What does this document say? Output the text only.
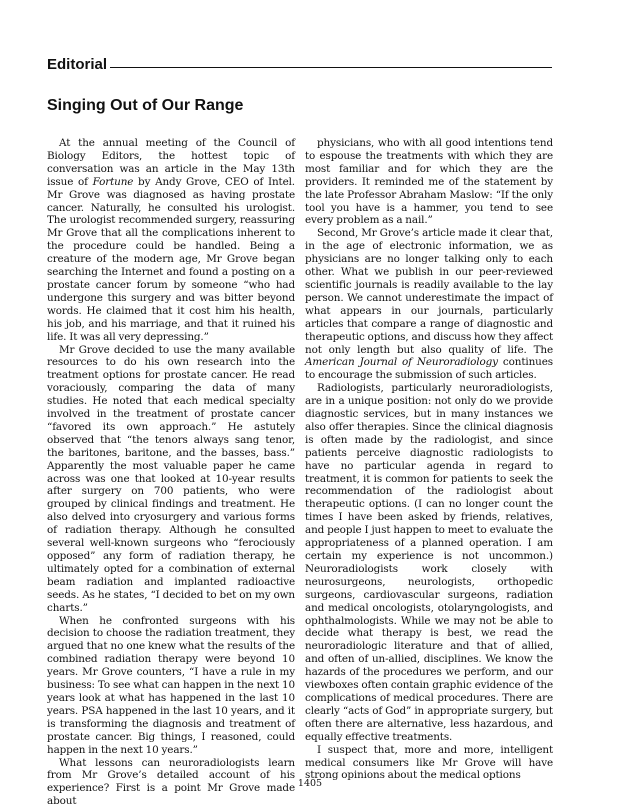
Editorial
Singing Out of Our Range

At the annual meeting of the Council of Biology Editors, the hottest topic of conversation was an article in the May 13th issue of Fortune by Andy Grove, CEO of Intel. Mr Grove was diagnosed as having prostate cancer. Naturally, he consulted his urologist. The urologist recommended surgery, reassuring Mr Grove that all the complications inherent to the procedure could be handled. Being a creature of the modern age, Mr Grove began searching the Internet and found a posting on a prostate cancer forum by someone “who had undergone this surgery and was bitter beyond words. He claimed that it cost him his health, his job, and his marriage, and that it ruined his life. It was all very depressing.”

Mr Grove decided to use the many available resources to do his own research into the treatment options for prostate cancer. He read voraciously, comparing the data of many studies. He noted that each medical specialty involved in the treatment of prostate cancer “favored its own approach.” He astutely observed that “the tenors always sang tenor, the baritones, baritone, and the basses, bass.” Apparently the most valuable paper he came across was one that looked at 10-year results after surgery on 700 patients, who were grouped by clinical findings and treatment. He also delved into cryosurgery and various forms of radiation therapy. Although he consulted several well-known surgeons who “ferociously opposed” any form of radiation therapy, he ultimately opted for a combination of external beam radiation and implanted radioactive seeds. As he states, “I decided to bet on my own charts.”

When he confronted surgeons with his decision to choose the radiation treatment, they argued that no one knew what the results of the combined radiation therapy were beyond 10 years. Mr Grove counters, “I have a rule in my business: To see what can happen in the next 10 years look at what has happened in the last 10 years. PSA happened in the last 10 years, and it is transforming the diagnosis and treatment of prostate cancer. Big things, I reasoned, could happen in the next 10 years.”

What lessons can neuroradiologists learn from Mr Grove’s detailed account of his experience? First is a point Mr Grove made about

physicians, who with all good intentions tend to espouse the treatments with which they are most familiar and for which they are the providers. It reminded me of the statement by the late Professor Abraham Maslow: “If the only tool you have is a hammer, you tend to see every problem as a nail.”

Second, Mr Grove’s article made it clear that, in the age of electronic information, we as physicians are no longer talking only to each other. What we publish in our peer-reviewed scientific journals is readily available to the lay person. We cannot underestimate the impact of what appears in our journals, particularly articles that compare a range of diagnostic and therapeutic options, and discuss how they affect not only length but also quality of life. The American Journal of Neuroradiology continues to encourage the submission of such articles.

Radiologists, particularly neuroradiologists, are in a unique position: not only do we provide diagnostic services, but in many instances we also offer therapies. Since the clinical diagnosis is often made by the radiologist, and since patients perceive diagnostic radiologists to have no particular agenda in regard to treatment, it is common for patients to seek the recommendation of the radiologist about therapeutic options. (I can no longer count the times I have been asked by friends, relatives, and people I just happen to meet to evaluate the appropriateness of a planned operation. I am certain my experience is not uncommon.) Neuroradiologists work closely with neurosurgeons, neurologists, orthopedic surgeons, cardiovascular surgeons, radiation and medical oncologists, otolaryngologists, and ophthalmologists. While we may not be able to decide what therapy is best, we read the neuroradiologic literature and that of allied, and often of un-allied, disciplines. We know the hazards of the procedures we perform, and our viewboxes often contain graphic evidence of the complications of medical procedures. There are clearly “acts of God” in appropriate surgery, but often there are alternative, less hazardous, and equally effective treatments.

I suspect that, more and more, intelligent medical consumers like Mr Grove will have strong opinions about the medical options

1405
